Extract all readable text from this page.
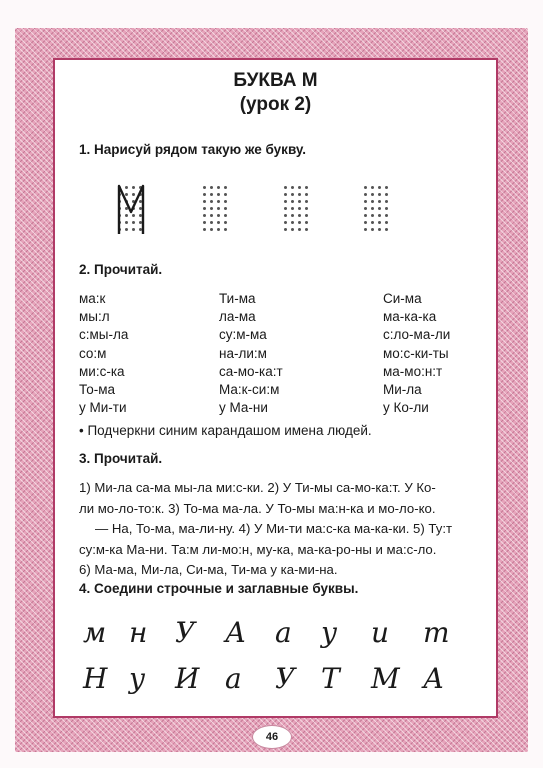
БУКВА М
(урок 2)
1. Нарисуй рядом такую же букву.
2. Прочитай.
ма:к
мы:л
с:мы-ла
со:м
ми:с-ка
То-ма
у Ми-ти
Ти-ма
ла-ма
су:м-ма
на-ли:м
са-мо-ка:т
Ма:к-си:м
у Ма-ни
Си-ма
ма-ка-ка
с:ло-ма-ли
мо:с-ки-ты
ма-мо:н:т
Ми-ла
у Ко-ли
• Подчеркни синим карандашом имена людей.
3. Прочитай.
1) Ми-ла са-ма мы-ла ми:с-ки. 2) У Ти-мы са-мо-ка:т. У Ко-
ли мо-ло-то:к. 3) То-ма ма-ла. У То-мы ма:н-ка и мо-ло-ко.
— На, То-ма, ма-ли-ну. 4) У Ми-ти ма:с-ка ма-ка-ки. 5) Ту:т
су:м-ка Ма-ни. Та:м ли-мо:н, му-ка, ма-ка-ро-ны и ма:с-ло.
6) Ма-ма, Ми-ла, Си-ма, Ти-ма у ка-ми-на.
4. Соедини строчные и заглавные буквы.
м н У А а у и т
Н у И а У Т М А
46
